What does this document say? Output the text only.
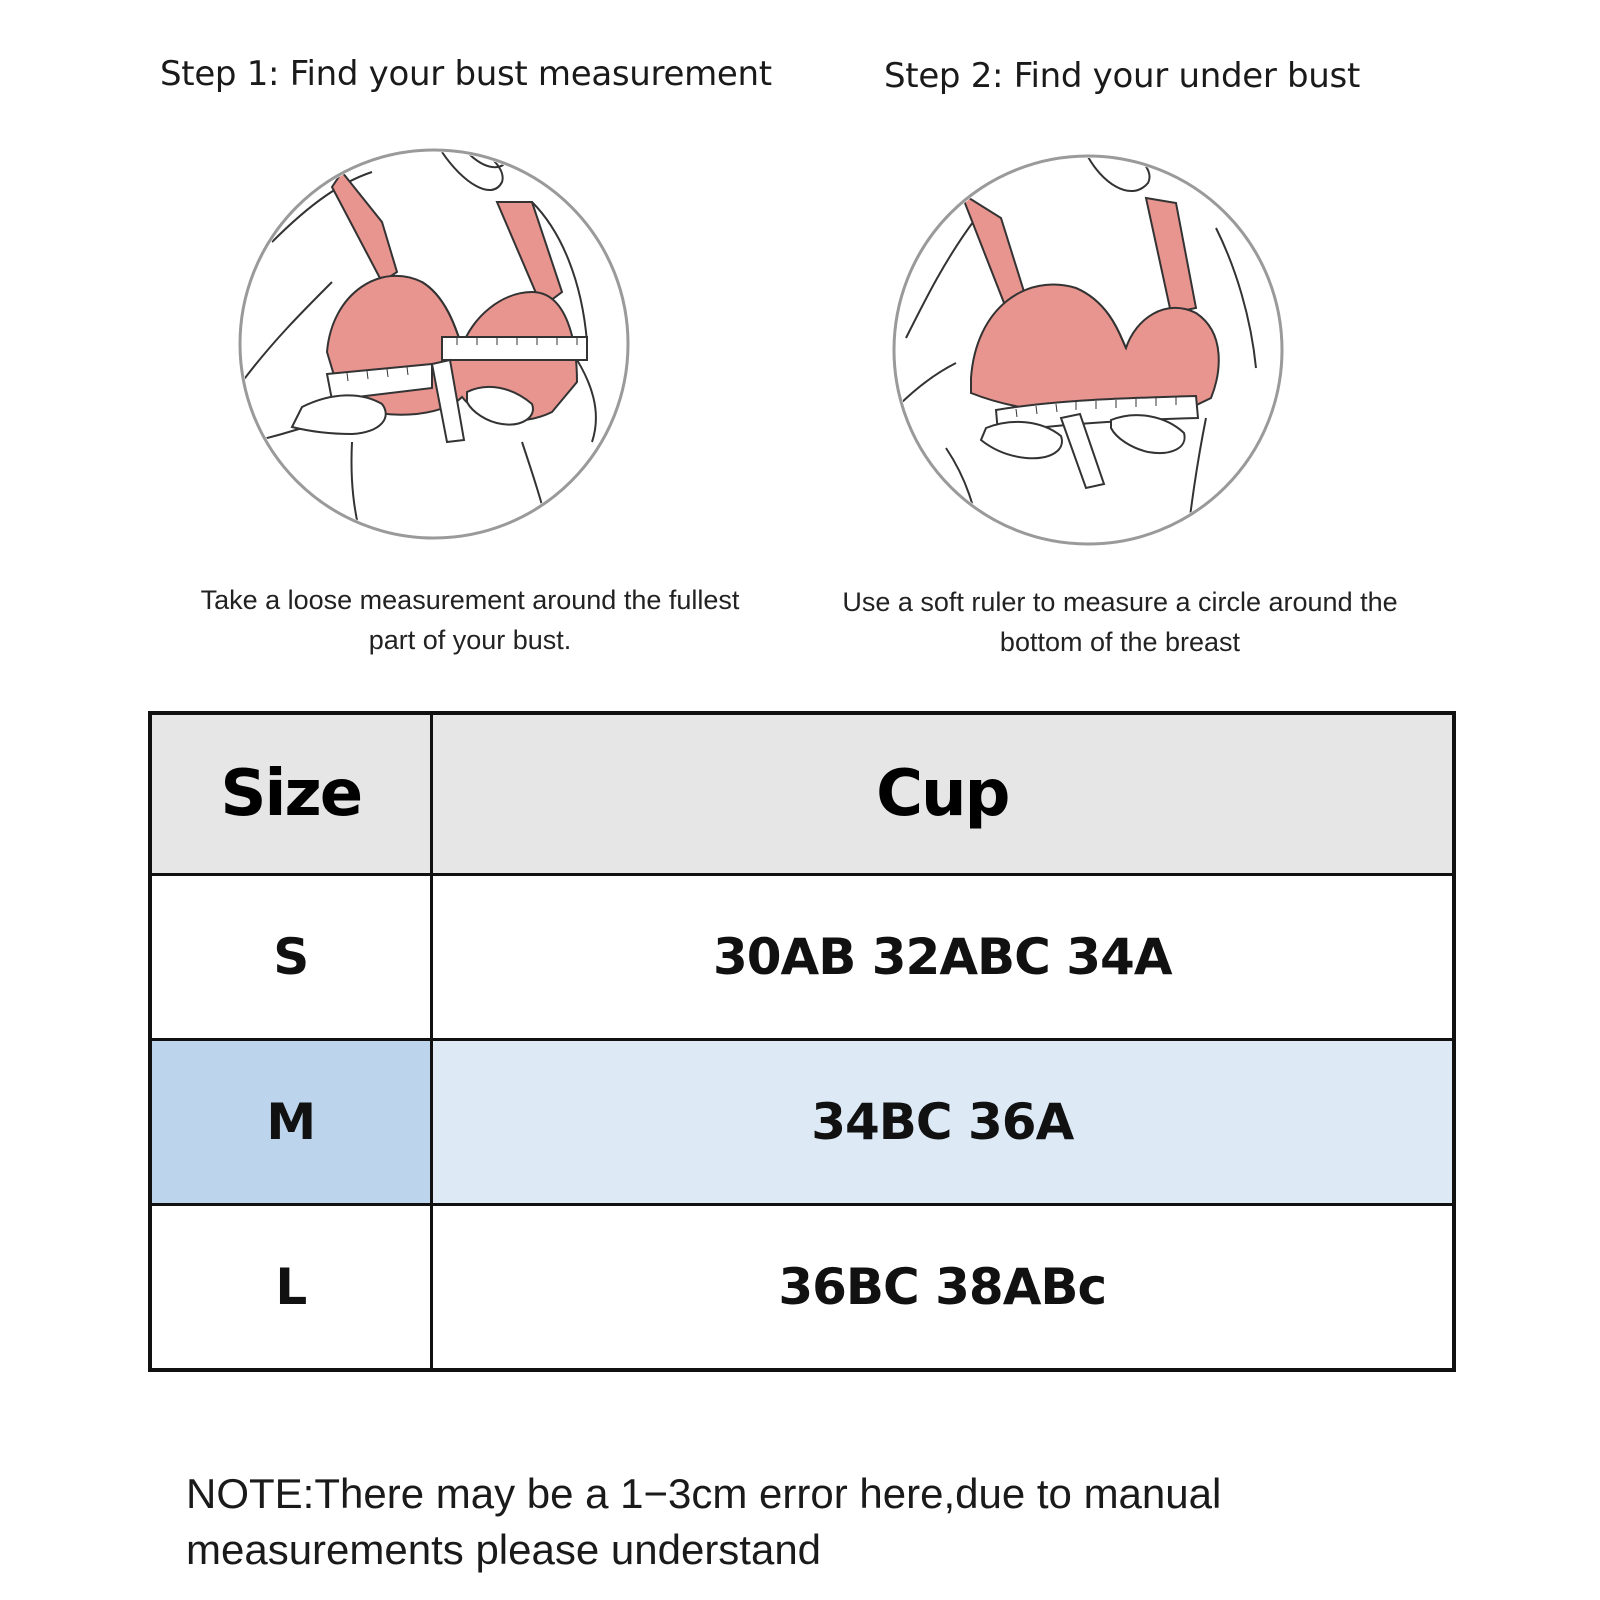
Step 1: Find your bust measurement	Step 2: Find your under bust
Take a loose measurement around the fullest
part of your bust.
Use a soft ruler to measure a circle around the
bottom of the breast
Size	Cup
S	30AB 32ABC 34A
M	34BC 36A
L	36BC 38ABc
NOTE:There may be a 1−3cm error here,due to manual
measurements please understand
